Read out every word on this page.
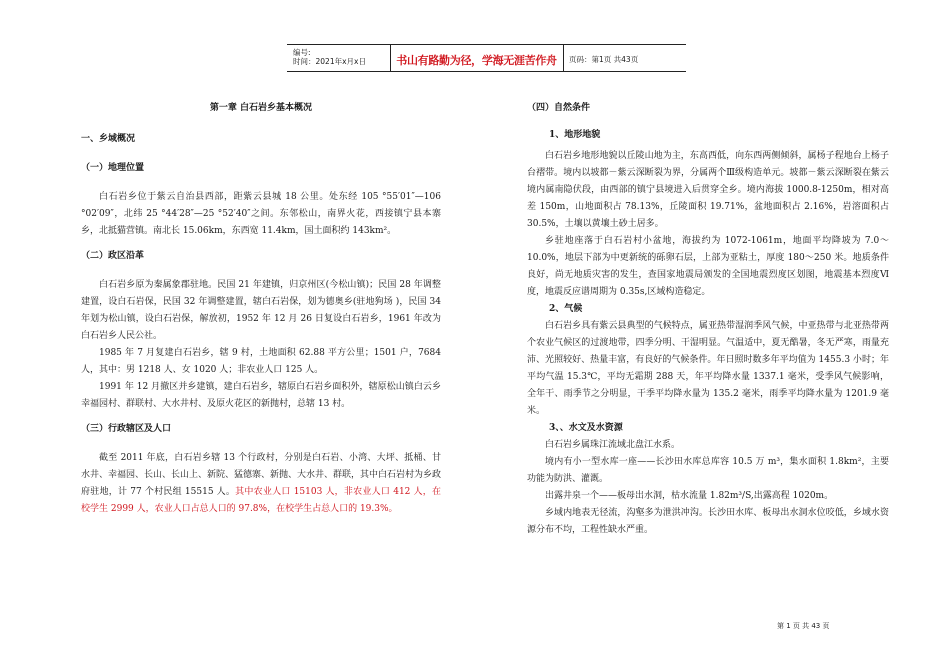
编号:
时间：2021年x月x日	书山有路勤为径，学海无涯苦作舟	页码：第1页 共43页

第一章 白石岩乡基本概况

一、乡域概况

（一）地理位置

白石岩乡位于紫云自治县西部，距紫云县城 18 公里。处东经 105 °55′01″—106 °02′09″，北纬 25 °44′28″—25 °52′40″之间。东邻松山，南界火花，西接镇宁县本寨乡，北抵猫营镇。南北长 15.06km，东西宽 11.4km，国土面积约 143km²。

（二）政区沿革

白石岩乡原为秦属象郡驻地。民国 21 年建镇，归京州区(今松山镇)；民国 28 年调整建置，设白石岩保，民国 32 年调整建置，辖白石岩保，划为德奥乡(驻地狗场 )，民国 34 年划为松山镇，设白石岩保，解放初，1952 年 12 月 26 日复设白石岩乡，1961 年改为白石岩乡人民公社。

1985 年 7 月复建白石岩乡，辖 9 村，土地面积 62.88 平方公里；1501 户，7684 人，其中：男 1218 人、女 1020 人；非农业人口 125 人。

1991 年 12 月撤区并乡建镇，建白石岩乡，辖原白石岩乡面积外，辖原松山镇白云乡幸福园村、群联村、大水井村、及原火花区的新抛村，总辖 13 村。

（三）行政辖区及人口

截至 2011 年底，白石岩乡辖 13 个行政村，分别是白石岩、小湾、大坪、抵桶、甘水井、幸福园、长山、长山上、新院、猛德寨、新抛、大水井、群联，其中白石岩村为乡政府驻地，计 77 个村民组 15515 人。其中农业人口 15103 人，非农业人口 412 人，在校学生 2999 人，农业人口占总人口的 97.8%，在校学生占总人口的 19.3%。

（四）自然条件

1、地形地貌

白石岩乡地形地貌以丘陵山地为主，东高西低，向东西两侧倾斜，属杨子程地台上杨子台褶带。境内以坡都－紫云深断裂为界，分属两个Ⅲ级构造单元。坡都－紫云深断裂在紫云境内属南隐伏段，由西部的镇宁县境进入后贯穿全乡。境内海拔 1000.8-1250m，相对高差 150m，山地面积占 78.13%，丘陵面积 19.71%，盆地面积占 2.16%，岩溶面积占 30.5%，土壤以黄壤土砂土居多。

乡驻地座落于白石岩村小盆地，海拔约为 1072-1061m，地面平均降坡为 7.0～10.0%，地层下部为中更新统的砾卵石层，上部为亚粘土，厚度 180～250 米。地质条件良好，尚无地质灾害的发生，查国家地震局颁发的全国地震烈度区划图，地震基本烈度Ⅵ度，地震反应谱周期为 0.35s,区域构造稳定。

2、气候

白石岩乡具有紫云县典型的气候特点，属亚热带湿润季风气候，中亚热带与北亚热带两个农业气候区的过渡地带，四季分明、干湿明显。气温适中，夏无酷暑，冬无严寒，雨量充沛、光照较好、热量丰富，有良好的气候条件。年日照时数多年平均值为 1455.3 小时；年平均气温 15.3℃，平均无霜期 288 天，年平均降水量 1337.1 毫米，受季风气候影响，全年干、雨季节之分明显，干季平均降水量为 135.2 毫米，雨季平均降水量为 1201.9 毫米。

3、、水文及水资源

白石岩乡属珠江流域北盘江水系。

境内有小一型水库一座——长沙田水库总库容 10.5 万 m³，集水面积 1.8km²，主要功能为防洪、灌溉。

出露井泉一个——板母出水洞，枯水流量 1.82m³/S,出露高程 1020m。

乡域内地表无径流，沟壑多为泄洪冲沟。长沙田水库、板母出水洞水位咬低，乡域水资源分布不均，工程性缺水严重。

第 1 页 共 43 页
